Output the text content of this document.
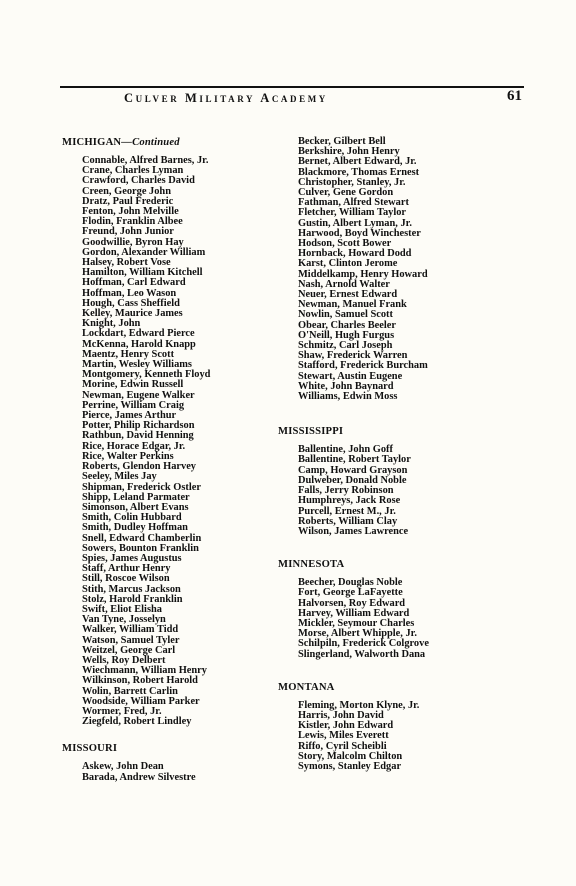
Culver Military Academy	61
MICHIGAN—Continued
Connable, Alfred Barnes, Jr.
Crane, Charles Lyman
Crawford, Charles David
Creen, George John
Dratz, Paul Frederic
Fenton, John Melville
Flodin, Franklin Albee
Freund, John Junior
Goodwillie, Byron Hay
Gordon, Alexander William
Halsey, Robert Vose
Hamilton, William Kitchell
Hoffman, Carl Edward
Hoffman, Leo Wason
Hough, Cass Sheffield
Kelley, Maurice James
Knight, John
Lockdart, Edward Pierce
McKenna, Harold Knapp
Maentz, Henry Scott
Martin, Wesley Williams
Montgomery, Kenneth Floyd
Morine, Edwin Russell
Newman, Eugene Walker
Perrine, William Craig
Pierce, James Arthur
Potter, Philip Richardson
Rathbun, David Henning
Rice, Horace Edgar, Jr.
Rice, Walter Perkins
Roberts, Glendon Harvey
Seeley, Miles Jay
Shipman, Frederick Ostler
Shipp, Leland Parmater
Simonson, Albert Evans
Smith, Colin Hubbard
Smith, Dudley Hoffman
Snell, Edward Chamberlin
Sowers, Bounton Franklin
Spies, James Augustus
Staff, Arthur Henry
Still, Roscoe Wilson
Stith, Marcus Jackson
Stolz, Harold Franklin
Swift, Eliot Elisha
Van Tyne, Josselyn
Walker, William Tidd
Watson, Samuel Tyler
Weitzel, George Carl
Wells, Roy Delbert
Wiechmann, William Henry
Wilkinson, Robert Harold
Wolin, Barrett Carlin
Woodside, William Parker
Wormer, Fred, Jr.
Ziegfeld, Robert Lindley
MISSOURI
Askew, John Dean
Barada, Andrew Silvestre
Becker, Gilbert Bell
Berkshire, John Henry
Bernet, Albert Edward, Jr.
Blackmore, Thomas Ernest
Christopher, Stanley, Jr.
Culver, Gene Gordon
Fathman, Alfred Stewart
Fletcher, William Taylor
Gustin, Albert Lyman, Jr.
Harwood, Boyd Winchester
Hodson, Scott Bower
Hornback, Howard Dodd
Karst, Clinton Jerome
Middelkamp, Henry Howard
Nash, Arnold Walter
Neuer, Ernest Edward
Newman, Manuel Frank
Nowlin, Samuel Scott
Obear, Charles Beeler
O'Neill, Hugh Furgus
Schmitz, Carl Joseph
Shaw, Frederick Warren
Stafford, Frederick Burcham
Stewart, Austin Eugene
White, John Baynard
Williams, Edwin Moss
MISSISSIPPI
Ballentine, John Goff
Ballentine, Robert Taylor
Camp, Howard Grayson
Dulweber, Donald Noble
Falls, Jerry Robinson
Humphreys, Jack Rose
Purcell, Ernest M., Jr.
Roberts, William Clay
Wilson, James Lawrence
MINNESOTA
Beecher, Douglas Noble
Fort, George LaFayette
Halvorsen, Roy Edward
Harvey, William Edward
Mickler, Seymour Charles
Morse, Albert Whipple, Jr.
Schilpiln, Frederick Colgrove
Slingerland, Walworth Dana
MONTANA
Fleming, Morton Klyne, Jr.
Harris, John David
Kistler, John Edward
Lewis, Miles Everett
Riffo, Cyril Scheibli
Story, Malcolm Chilton
Symons, Stanley Edgar
